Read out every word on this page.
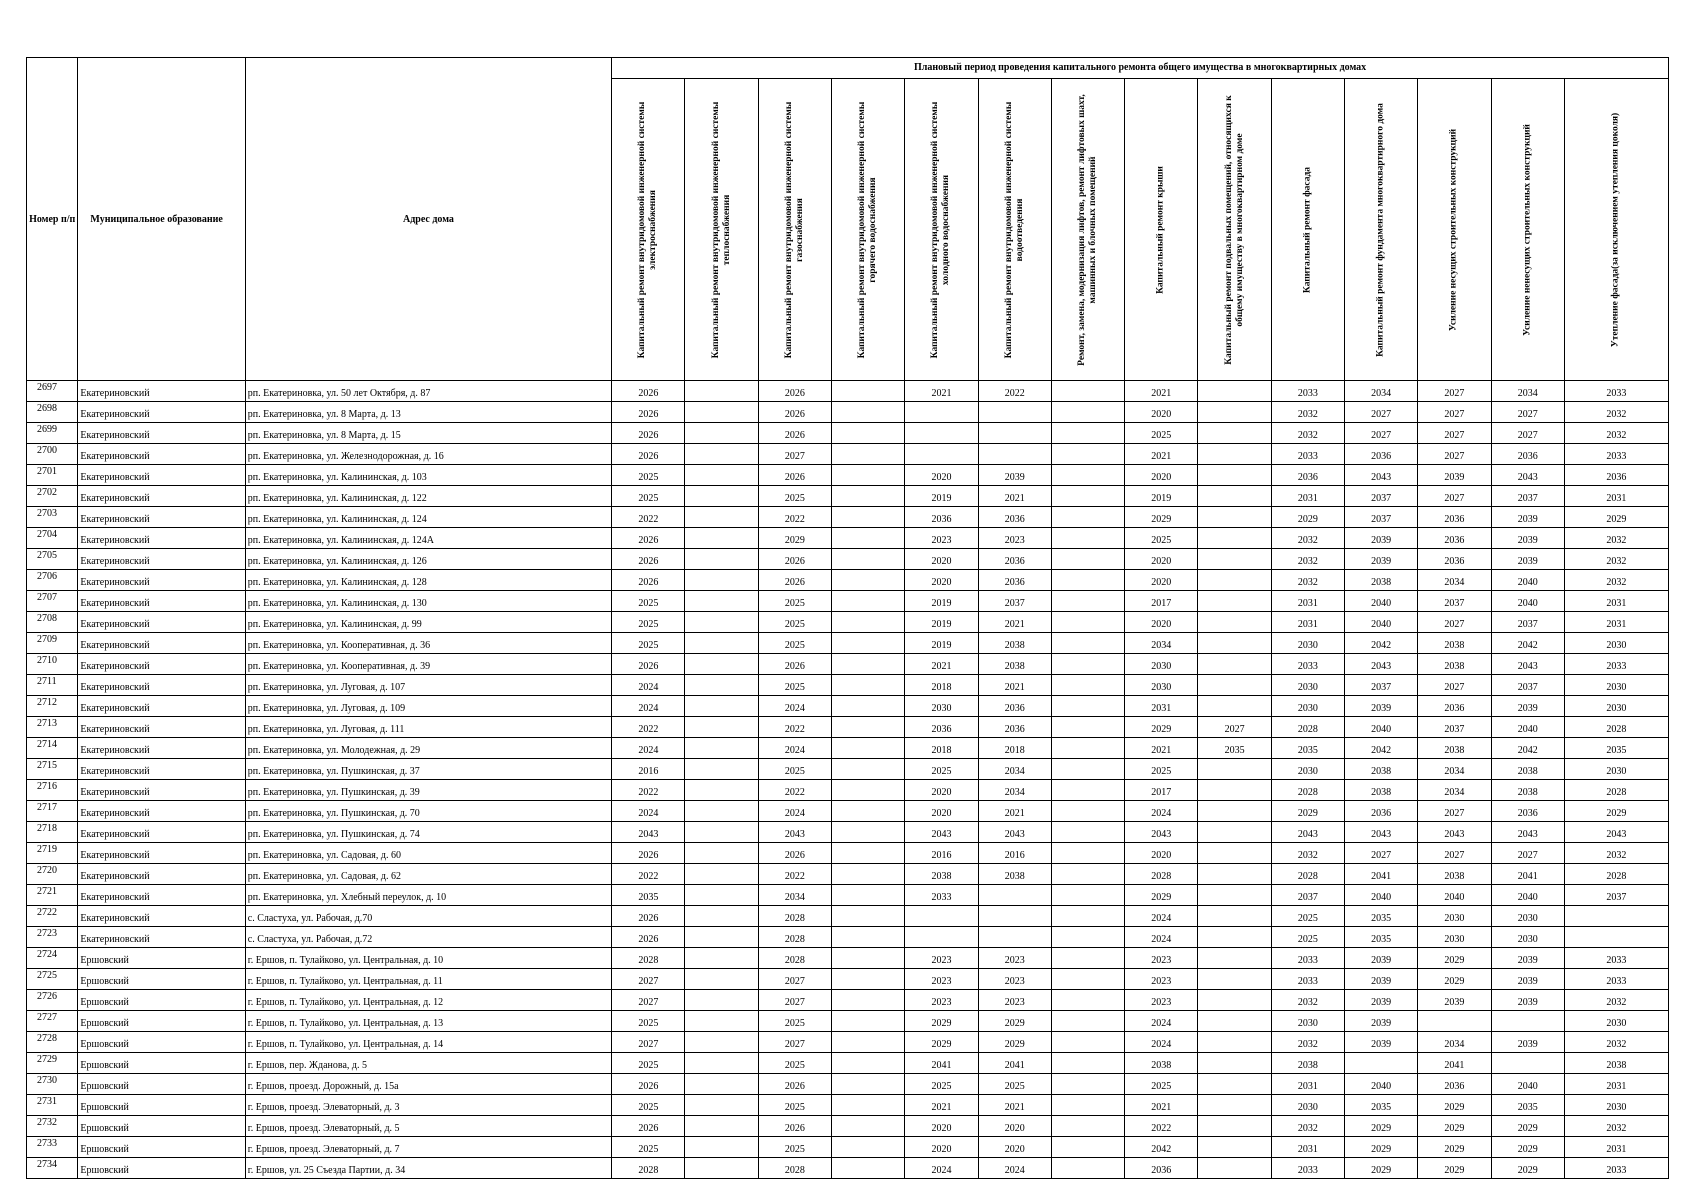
Номер п/п	Муниципальное образование	Адрес дома	Плановый период проведения капитального ремонта общего имущества в многоквартирных домах													

			Капитальный ремонт внутридомовой инженерной системы электроснабжения	Капитальный ремонт внутридомовой инженерной системы теплоснабжения	Капитальный ремонт внутридомовой инженерной системы газоснабжения	Капитальный ремонт внутридомовой инженерной системы горячего водоснабжения	Капитальный ремонт внутридомовой инженерной системы холодного водоснабжения	Капитальный ремонт внутридомовой инженерной системы водоотведения	Ремонт, замена, модернизация лифтов, ремонт лифтовых шахт, машинных и блочных помещений	Капитальный ремонт крыши	Капитальный ремонт подвальных помещений, относящихся к общему имуществу в многоквартирном доме	Капитальный ремонт фасада	Капитальный ремонт фундамента многоквартирного дома	Усиление несущих строительных конструкций	Усиление ненесущих строительных конструкций	Утепление фасада(за исключением утепления цоколя)

2697	Екатериновский	рп. Екатериновка, ул. 50 лет Октября, д. 87	2026		2026		2021	2022		2021		2033	2034	2027	2034	2033
2698	Екатериновский	рп. Екатериновка, ул. 8 Марта, д. 13	2026		2026					2020		2032	2027	2027	2027	2032
2699	Екатериновский	рп. Екатериновка, ул. 8 Марта, д. 15	2026		2026					2025		2032	2027	2027	2027	2032
2700	Екатериновский	рп. Екатериновка, ул. Железнодорожная, д. 16	2026		2027					2021		2033	2036	2027	2036	2033
2701	Екатериновский	рп. Екатериновка, ул. Калининская, д. 103	2025		2026		2020	2039		2020		2036	2043	2039	2043	2036
2702	Екатериновский	рп. Екатериновка, ул. Калининская, д. 122	2025		2025		2019	2021		2019		2031	2037	2027	2037	2031
2703	Екатериновский	рп. Екатериновка, ул. Калининская, д. 124	2022		2022		2036	2036		2029		2029	2037	2036	2039	2029
2704	Екатериновский	рп. Екатериновка, ул. Калининская, д. 124А	2026		2029		2023	2023		2025		2032	2039	2036	2039	2032
2705	Екатериновский	рп. Екатериновка, ул. Калининская, д. 126	2026		2026		2020	2036		2020		2032	2039	2036	2039	2032
2706	Екатериновский	рп. Екатериновка, ул. Калининская, д. 128	2026		2026		2020	2036		2020		2032	2038	2034	2040	2032
2707	Екатериновский	рп. Екатериновка, ул. Калининская, д. 130	2025		2025		2019	2037		2017		2031	2040	2037	2040	2031
2708	Екатериновский	рп. Екатериновка, ул. Калининская, д. 99	2025		2025		2019	2021		2020		2031	2040	2027	2037	2031
2709	Екатериновский	рп. Екатериновка, ул. Кооперативная, д. 36	2025		2025		2019	2038		2034		2030	2042	2038	2042	2030
2710	Екатериновский	рп. Екатериновка, ул. Кооперативная, д. 39	2026		2026		2021	2038		2030		2033	2043	2038	2043	2033
2711	Екатериновский	рп. Екатериновка, ул. Луговая, д. 107	2024		2025		2018	2021		2030		2030	2037	2027	2037	2030
2712	Екатериновский	рп. Екатериновка, ул. Луговая, д. 109	2024		2024		2030	2036		2031		2030	2039	2036	2039	2030
2713	Екатериновский	рп. Екатериновка, ул. Луговая, д. 111	2022		2022		2036	2036		2029	2027	2028	2040	2037	2040	2028
2714	Екатериновский	рп. Екатериновка, ул. Молодежная, д. 29	2024		2024		2018	2018		2021	2035	2035	2042	2038	2042	2035
2715	Екатериновский	рп. Екатериновка, ул. Пушкинская, д. 37	2016		2025		2025	2034		2025		2030	2038	2034	2038	2030
2716	Екатериновский	рп. Екатериновка, ул. Пушкинская, д. 39	2022		2022		2020	2034		2017		2028	2038	2034	2038	2028
2717	Екатериновский	рп. Екатериновка, ул. Пушкинская, д. 70	2024		2024		2020	2021		2024		2029	2036	2027	2036	2029
2718	Екатериновский	рп. Екатериновка, ул. Пушкинская, д. 74	2043		2043		2043	2043		2043		2043	2043	2043	2043	2043
2719	Екатериновский	рп. Екатериновка, ул. Садовая, д. 60	2026		2026		2016	2016		2020		2032	2027	2027	2027	2032
2720	Екатериновский	рп. Екатериновка, ул. Садовая, д. 62	2022		2022		2038	2038		2028		2028	2041	2038	2041	2028
2721	Екатериновский	рп. Екатериновка, ул. Хлебный переулок, д. 10	2035		2034		2033			2029		2037	2040	2040	2040	2037
2722	Екатериновский	с. Сластуха, ул. Рабочая, д.70	2026		2028					2024		2025	2035	2030	2030	
2723	Екатериновский	с. Сластуха, ул. Рабочая, д.72	2026		2028					2024		2025	2035	2030	2030	
2724	Ершовский	г. Ершов, п. Тулайково, ул. Центральная, д. 10	2028		2028		2023	2023		2023		2033	2039	2029	2039	2033
2725	Ершовский	г. Ершов, п. Тулайково, ул. Центральная, д. 11	2027		2027		2023	2023		2023		2033	2039	2029	2039	2033
2726	Ершовский	г. Ершов, п. Тулайково, ул. Центральная, д. 12	2027		2027		2023	2023		2023		2032	2039	2039	2039	2032
2727	Ершовский	г. Ершов, п. Тулайково, ул. Центральная, д. 13	2025		2025		2029	2029		2024		2030	2039			2030
2728	Ершовский	г. Ершов, п. Тулайково, ул. Центральная, д. 14	2027		2027		2029	2029		2024		2032	2039	2034	2039	2032
2729	Ершовский	г. Ершов, пер. Жданова, д. 5	2025		2025		2041	2041		2038		2038		2041		2038
2730	Ершовский	г. Ершов, проезд. Дорожный, д. 15а	2026		2026		2025	2025		2025		2031	2040	2036	2040	2031
2731	Ершовский	г. Ершов, проезд. Элеваторный, д. 3	2025		2025		2021	2021		2021		2030	2035	2029	2035	2030
2732	Ершовский	г. Ершов, проезд. Элеваторный, д. 5	2026		2026		2020	2020		2022		2032	2029	2029	2029	2032
2733	Ершовский	г. Ершов, проезд. Элеваторный, д. 7	2025		2025		2020	2020		2042		2031	2029	2029	2029	2031
2734	Ершовский	г. Ершов, ул. 25 Съезда Партии, д. 34	2028		2028		2024	2024		2036		2033	2029	2029	2029	2033
